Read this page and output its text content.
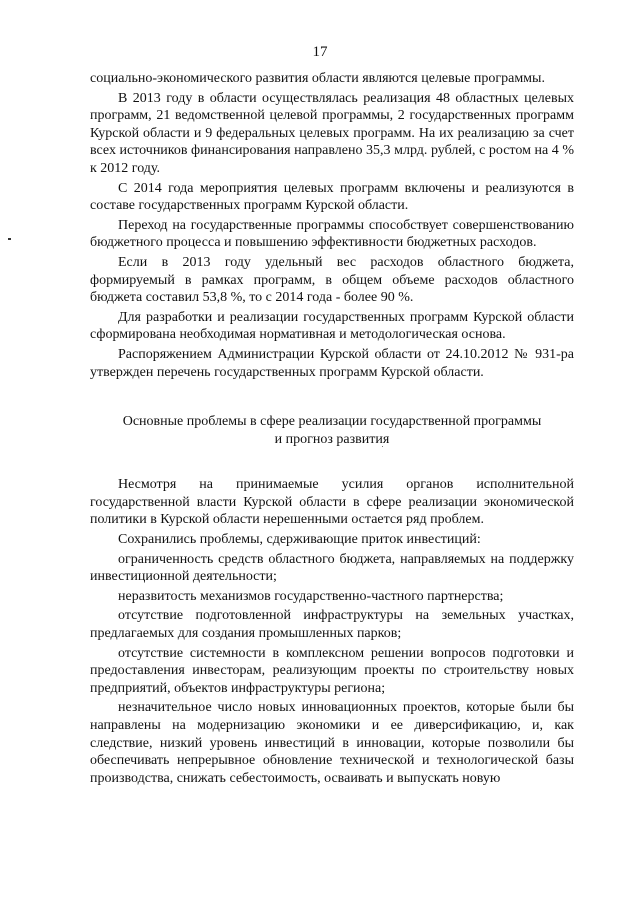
17

социально-экономического развития области являются целевые программы.

В 2013 году в области осуществлялась реализация 48 областных целевых программ, 21 ведомственной целевой программы, 2 государственных программ Курской области и 9 федеральных целевых программ. На их реализацию за счет всех источников финансирования направлено 35,3 млрд. рублей, с ростом на 4 % к 2012 году.

С 2014 года мероприятия целевых программ включены и реализуются в составе государственных программ Курской области.

Переход на государственные программы способствует совершенствованию бюджетного процесса и повышению эффективности бюджетных расходов.

Если в 2013 году удельный вес расходов областного бюджета, формируемый в рамках программ, в общем объеме расходов областного бюджета составил 53,8 %, то с 2014 года - более 90 %.

Для разработки и реализации государственных программ Курской области сформирована необходимая нормативная и методологическая основа.

Распоряжением Администрации Курской области от 24.10.2012 № 931-ра утвержден перечень государственных программ Курской области.

Основные проблемы в сфере реализации государственной программы
и прогноз развития

Несмотря на принимаемые усилия органов исполнительной государственной власти Курской области в сфере реализации экономической политики в Курской области нерешенными остается ряд проблем.

Сохранились проблемы, сдерживающие приток инвестиций:

ограниченность средств областного бюджета, направляемых на поддержку инвестиционной деятельности;

неразвитость механизмов государственно-частного партнерства;

отсутствие подготовленной инфраструктуры на земельных участках, предлагаемых для создания промышленных парков;

отсутствие системности в комплексном решении вопросов подготовки и предоставления инвесторам, реализующим проекты по строительству новых предприятий, объектов инфраструктуры региона;

незначительное число новых инновационных проектов, которые были бы направлены на модернизацию экономики и ее диверсификацию, и, как следствие, низкий уровень инвестиций в инновации, которые позволили бы обеспечивать непрерывное обновление технической и технологической базы производства, снижать себестоимость, осваивать и выпускать новую
